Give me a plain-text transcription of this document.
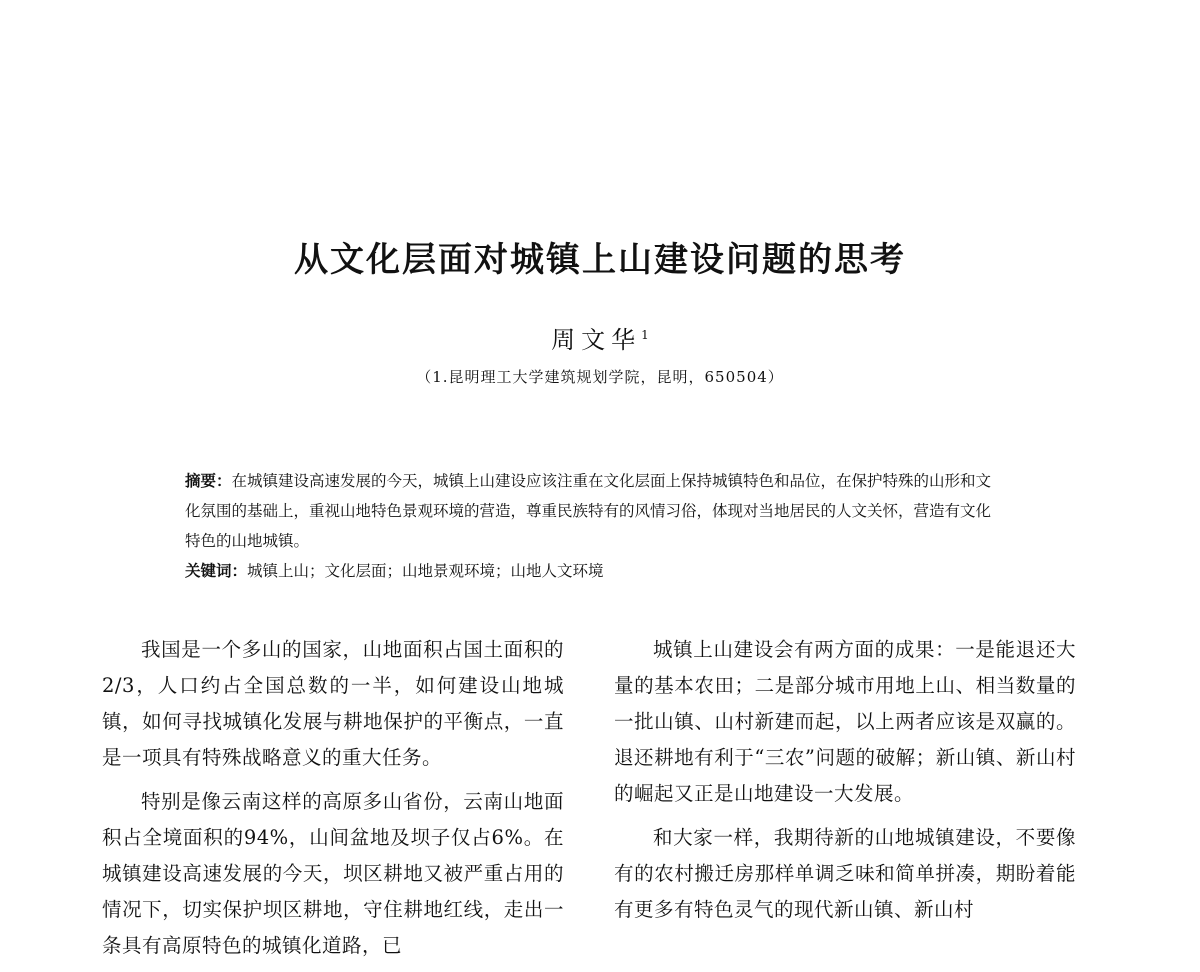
从文化层面对城镇上山建设问题的思考
周文华$^1$
（1.昆明理工大学建筑规划学院，昆明，650504）

摘要：在城镇建设高速发展的今天，城镇上山建设应该注重在文化层面上保持城镇特色和品位，在保护特殊的山形和文化氛围的基础上，重视山地特色景观环境的营造，尊重民族特有的风情习俗，体现对当地居民的人文关怀，营造有文化特色的山地城镇。

关键词：城镇上山；文化层面；山地景观环境；山地人文环境

我国是一个多山的国家，山地面积占国土面积的2/3，人口约占全国总数的一半，如何建设山地城镇，如何寻找城镇化发展与耕地保护的平衡点，一直是一项具有特殊战略意义的重大任务。

特别是像云南这样的高原多山省份，云南山地面积占全境面积的94%，山间盆地及坝子仅占6%。在城镇建设高速发展的今天，坝区耕地又被严重占用的情况下，切实保护坝区耕地，守住耕地红线，走出一条具有高原特色的城镇化道路，已

城镇上山建设会有两方面的成果：一是能退还大量的基本农田；二是部分城市用地上山、相当数量的一批山镇、山村新建而起，以上两者应该是双赢的。退还耕地有利于“三农”问题的破解；新山镇、新山村的崛起又正是山地建设一大发展。

和大家一样，我期待新的山地城镇建设，不要像有的农村搬迁房那样单调乏味和简单拼凑，期盼着能有更多有特色灵气的现代新山镇、新山村
